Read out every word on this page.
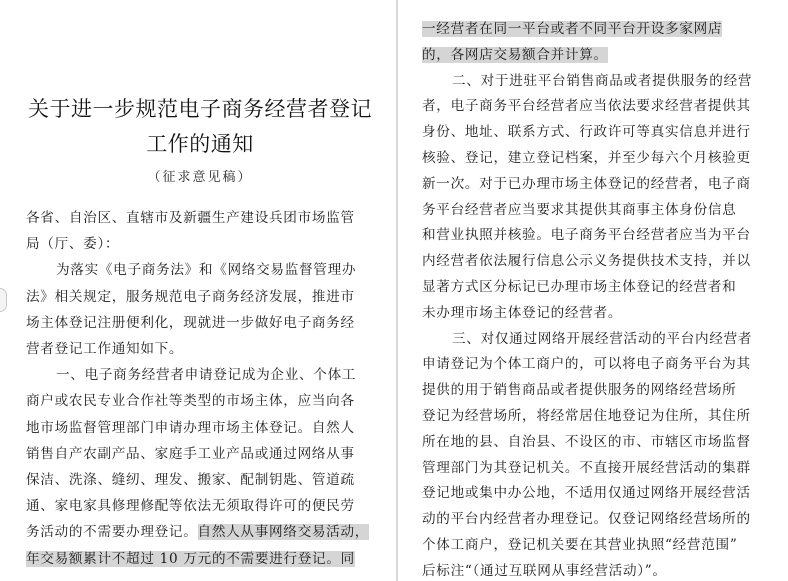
关于进一步规范电子商务经营者登记
工作的通知
（征求意见稿）
各省、自治区、直辖市及新疆生产建设兵团市场监管
局（厅、委）：
为落实《电子商务法》和《网络交易监督管理办
法》相关规定，服务规范电子商务经济发展，推进市
场主体登记注册便利化，现就进一步做好电子商务经
营者登记工作通知如下。
一、电子商务经营者申请登记成为企业、个体工
商户或农民专业合作社等类型的市场主体，应当向各
地市场监督管理部门申请办理市场主体登记。自然人
销售自产农副产品、家庭手工业产品或通过网络从事
保洁、洗涤、缝纫、理发、搬家、配制钥匙、管道疏
通、家电家具修理修配等依法无须取得许可的便民劳
务活动的不需要办理登记。自然人从事网络交易活动，
年交易额累计不超过 10 万元的不需要进行登记。同
一经营者在同一平台或者不同平台开设多家网店
的，各网店交易额合并计算。
二、对于进驻平台销售商品或者提供服务的经营
者，电子商务平台经营者应当依法要求经营者提供其
身份、地址、联系方式、行政许可等真实信息并进行
核验、登记，建立登记档案，并至少每六个月核验更
新一次。对于已办理市场主体登记的经营者，电子商
务平台经营者应当要求其提供其商事主体身份信息
和营业执照并核验。电子商务平台经营者应当为平台
内经营者依法履行信息公示义务提供技术支持，并以
显著方式区分标记已办理市场主体登记的经营者和
未办理市场主体登记的经营者。
三、对仅通过网络开展经营活动的平台内经营者
申请登记为个体工商户的，可以将电子商务平台为其
提供的用于销售商品或者提供服务的网络经营场所
登记为经营场所，将经常居住地登记为住所，其住所
所在地的县、自治县、不设区的市、市辖区市场监督
管理部门为其登记机关。不直接开展经营活动的集群
登记地或集中办公地，不适用仅通过网络开展经营活
动的平台内经营者办理登记。仅登记网络经营场所的
个体工商户，登记机关要在其营业执照“经营范围”
后标注“（通过互联网从事经营活动）”。
